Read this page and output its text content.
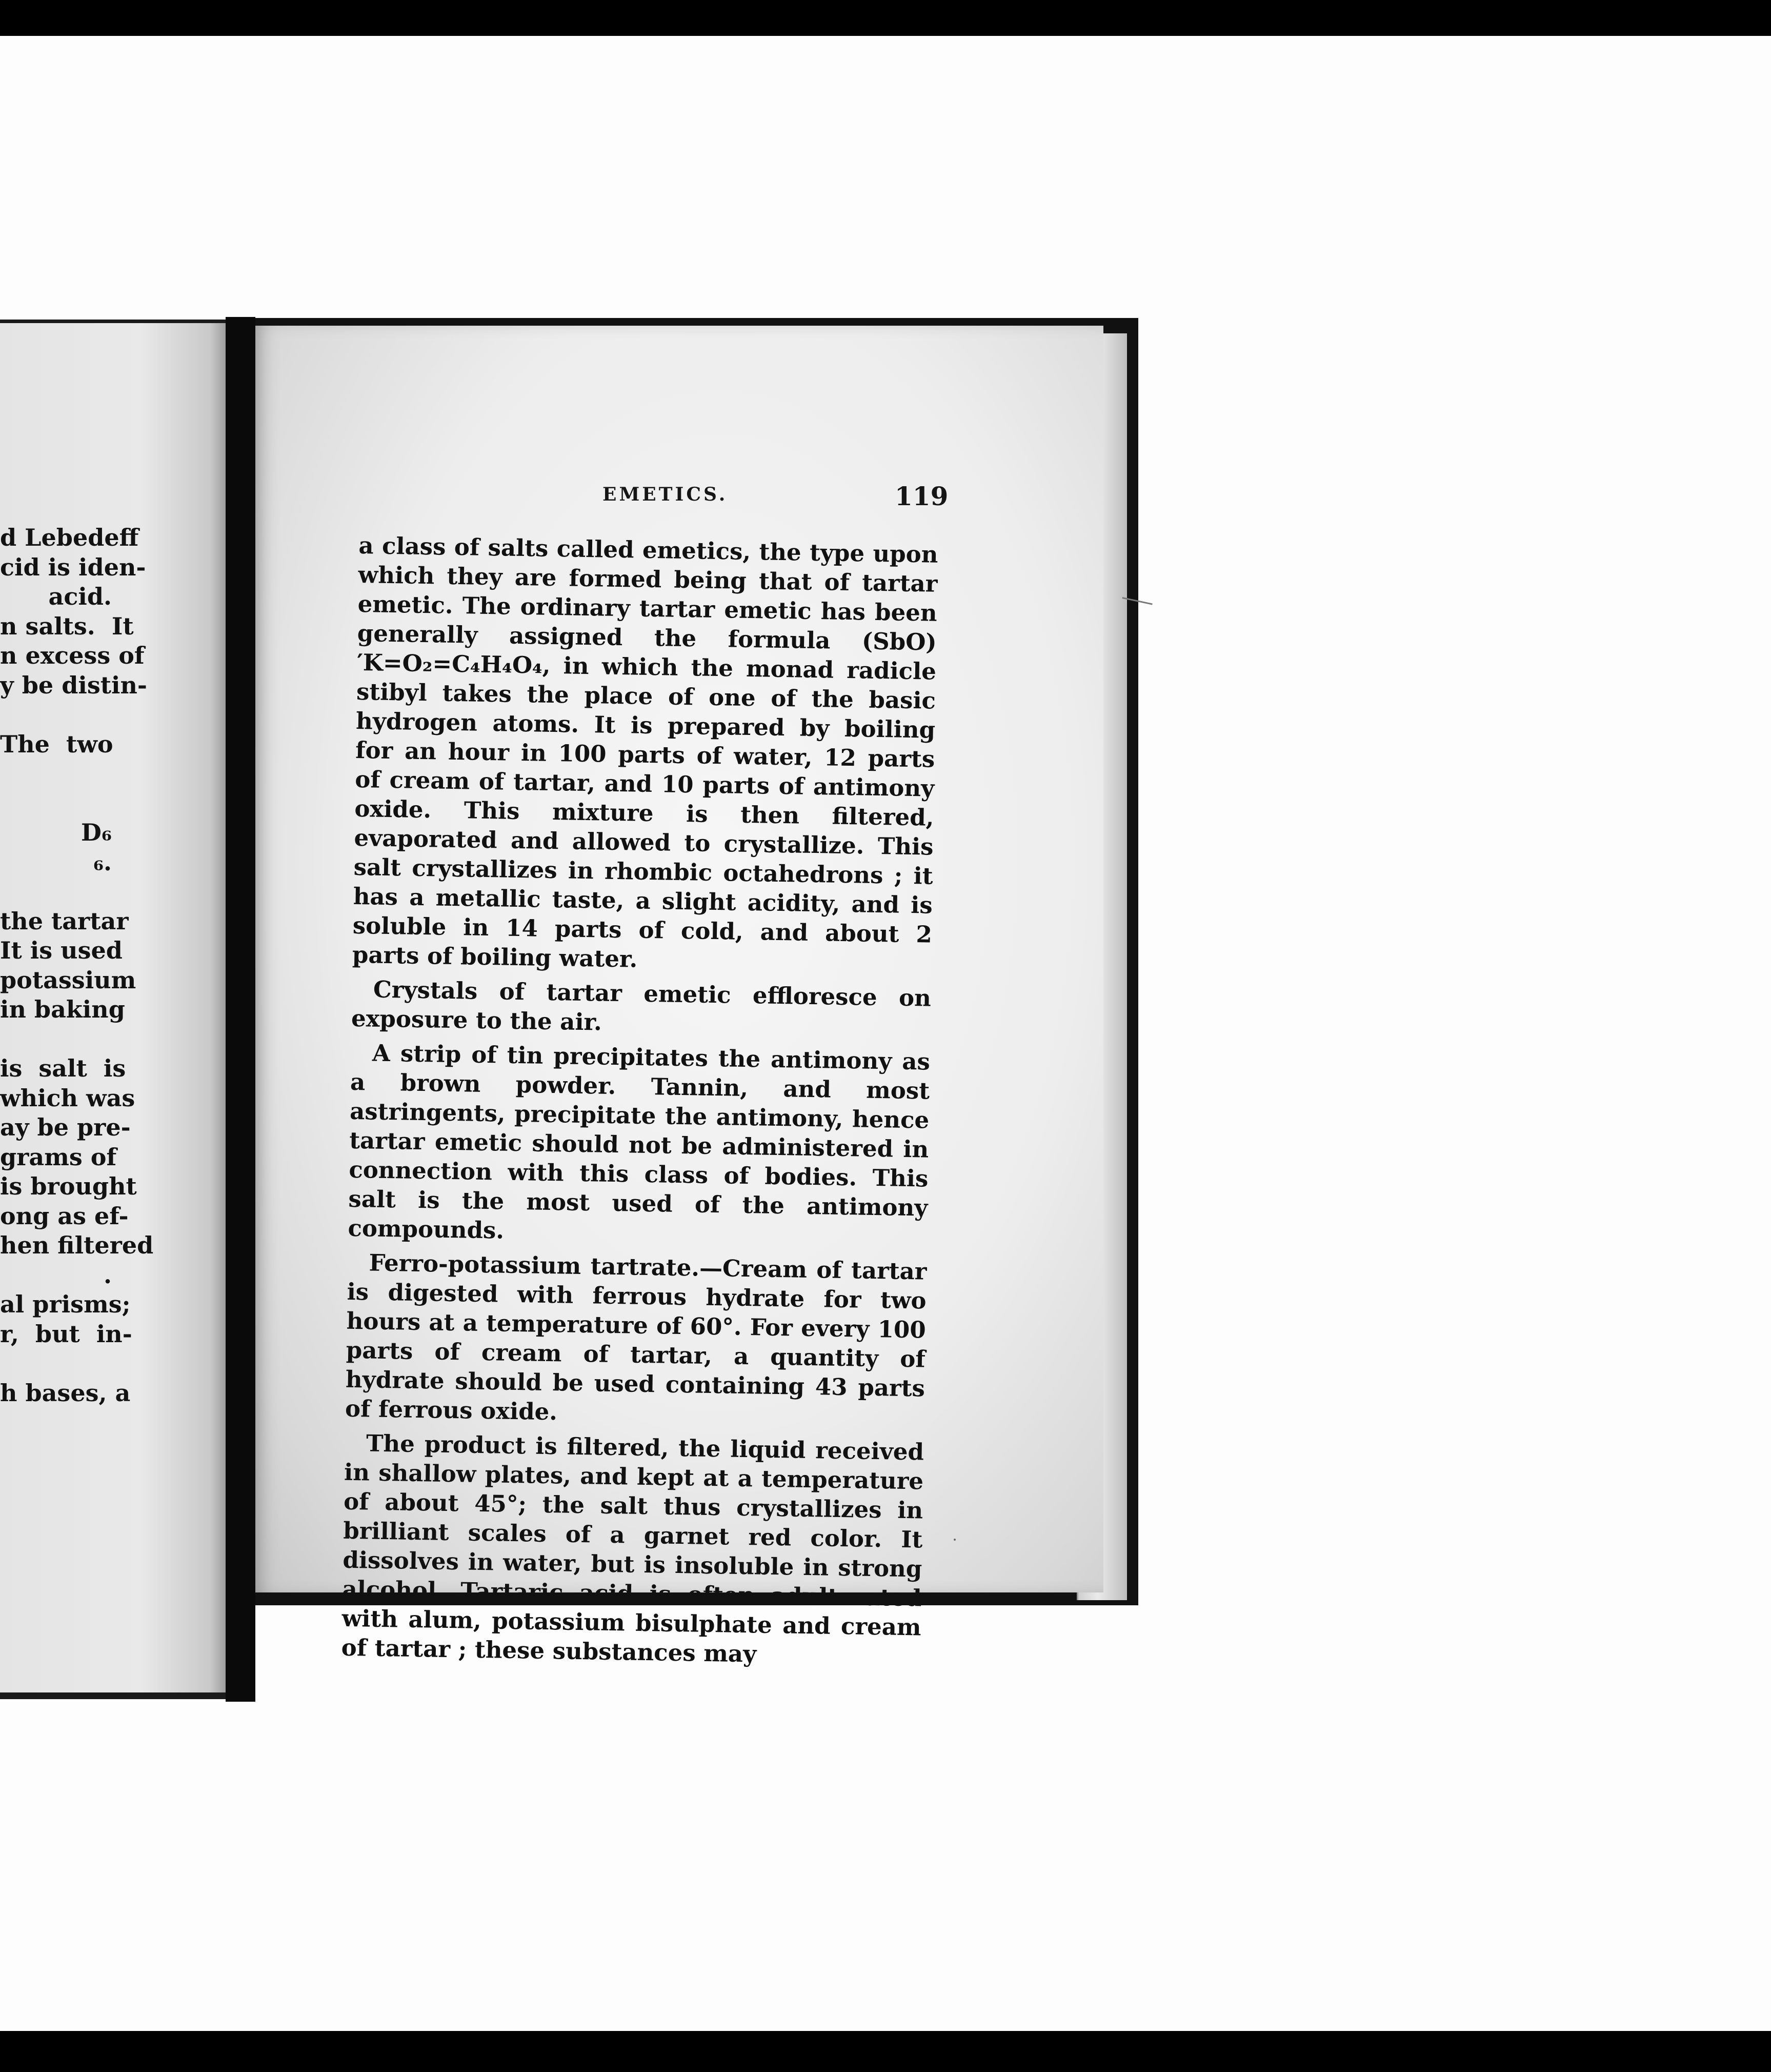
d Lebedeff
cid is iden-
acid.
n salts.  It
n excess of
y be distin-
The  two
D₆
₆.
the tartar
It is used
potassium
in baking
is  salt  is
which was
ay be pre-
grams of
is brought
ong as ef-
hen filtered
.
al prisms;
r,  but  in-
h bases, a
EMETICS.	119

a class of salts called emetics, the type upon which they are formed being that of tartar emetic. The ordinary tartar emetic has been generally assigned the formula (SbO)′K=O₂=C₄H₄O₄, in which the monad radicle stibyl takes the place of one of the basic hydrogen atoms. It is prepared by boiling for an hour in 100 parts of water, 12 parts of cream of tartar, and 10 parts of antimony oxide. This mixture is then filtered, evaporated and allowed to crystallize. This salt crystallizes in rhombic octahedrons ; it has a metallic taste, a slight acidity, and is soluble in 14 parts of cold, and about 2 parts of boiling water.

Crystals of tartar emetic effloresce on exposure to the air.

A strip of tin precipitates the antimony as a brown powder. Tannin, and most astringents, precipitate the antimony, hence tartar emetic should not be administered in connection with this class of bodies. This salt is the most used of the antimony compounds.

Ferro-potassium tartrate.—Cream of tartar is digested with ferrous hydrate for two hours at a temperature of 60°. For every 100 parts of cream of tartar, a quantity of hydrate should be used containing 43 parts of ferrous oxide.

The product is filtered, the liquid received in shallow plates, and kept at a temperature of about 45°; the salt thus crystallizes in brilliant scales of a garnet red color. It dissolves in water, but is insoluble in strong alcohol. Tartaric acid is often adulterated with alum, potassium bisulphate and cream of tartar ; these substances may
